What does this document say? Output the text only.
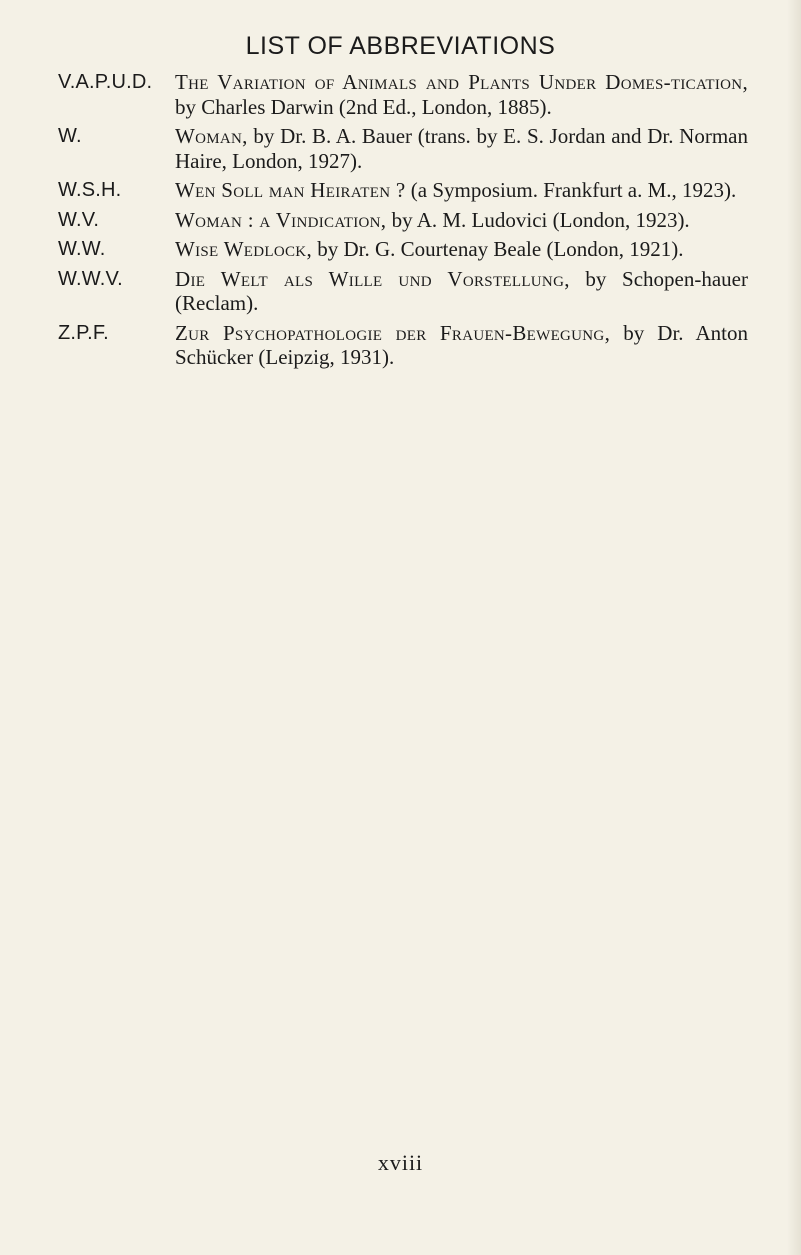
LIST OF ABBREVIATIONS
V.A.P.U.D.	The Variation of Animals and Plants Under Domes-tication, by Charles Darwin (2nd Ed., London, 1885).
W.	Woman, by Dr. B. A. Bauer (trans. by E. S. Jordan and Dr. Norman Haire, London, 1927).
W.S.H.	Wen Soll man Heiraten ? (a Symposium. Frankfurt a. M., 1923).
W.V.	Woman : a Vindication, by A. M. Ludovici (London, 1923).
W.W.	Wise Wedlock, by Dr. G. Courtenay Beale (London, 1921).
W.W.V.	Die Welt als Wille und Vorstellung, by Schopen-hauer (Reclam).
Z.P.F.	Zur Psychopathologie der Frauen-Bewegung, by Dr. Anton Schücker (Leipzig, 1931).
xviii
